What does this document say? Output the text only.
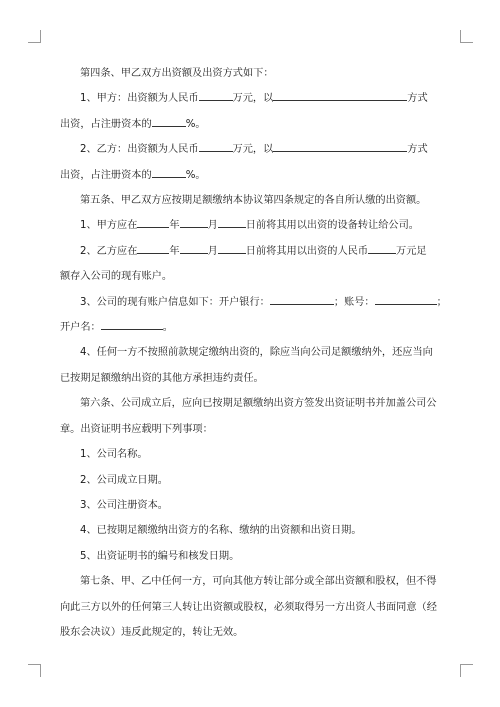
第四条、甲乙双方出资额及出资方式如下：

1、甲方：出资额为人民币	万元，以	方式

出资，占注册资本的	%。

2、乙方：出资额为人民币	万元，以	方式

出资，占注册资本的	%。

第五条、甲乙双方应按期足额缴纳本协议第四条规定的各自所认缴的出资额。

1、甲方应在	年	月	日前将其用以出资的设备转让给公司。

2、乙方应在	年	月	日前将其用以出资的人民币	万元足

额存入公司的现有账户。

3、公司的现有账户信息如下：开户银行：	；账号：	；

开户名：	。

4、任何一方不按照前款规定缴纳出资的，除应当向公司足额缴纳外，还应当向

已按期足额缴纳出资的其他方承担违约责任。

第六条、公司成立后，应向已按期足额缴纳出资方签发出资证明书并加盖公司公

章。出资证明书应载明下列事项：

1、公司名称。

2、公司成立日期。

3、公司注册资本。

4、已按期足额缴纳出资方的名称、缴纳的出资额和出资日期。

5、出资证明书的编号和核发日期。

第七条、甲、乙中任何一方，可向其他方转让部分或全部出资额和股权，但不得

向此三方以外的任何第三人转让出资额或股权，必须取得另一方出资人书面同意（经

股东会决议）违反此规定的，转让无效。
